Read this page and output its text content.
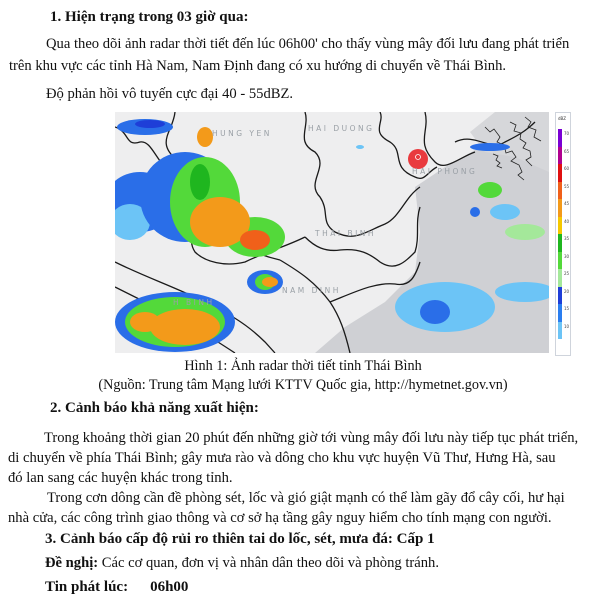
1. Hiện trạng trong 03 giờ qua:
Qua theo dõi ảnh radar thời tiết đến lúc 06h00' cho thấy vùng mây đối lưu đang phát triển
trên khu vực các tỉnh Hà Nam, Nam Định đang có xu hướng di chuyển về Thái Bình.
Độ phản hồi vô tuyến cực đại 40 - 55dBZ.
HUNG YEN
HAI DUONG
HAI PHONG
THAI BINH
NAM DINH
H BINH
dBZ
70
65
60
55
45
40
35
30
25
20
15
10
Hình 1: Ảnh radar thời tiết tỉnh Thái Bình
(Nguồn: Trung tâm Mạng lưới KTTV Quốc gia, http://hymetnet.gov.vn)
2. Cảnh báo khả năng xuất hiện:
Trong khoảng thời gian 20 phút đến những giờ tới vùng mây đối lưu này tiếp tục phát triển,
di chuyển về phía Thái Bình; gây mưa rào và dông cho khu vực huyện Vũ Thư, Hưng Hà, sau
đó lan sang các huyện khác trong tỉnh.
Trong cơn dông cần đề phòng sét, lốc và gió giật mạnh có thể làm gãy đổ cây cối, hư hại
nhà cửa, các công trình giao thông và cơ sở hạ tầng gây nguy hiểm cho tính mạng con người.
3. Cảnh báo cấp độ rủi ro thiên tai do lốc, sét, mưa đá: Cấp 1
Đề nghị: Các cơ quan, đơn vị và nhân dân theo dõi và phòng tránh.
Tin phát lúc: 06h00
